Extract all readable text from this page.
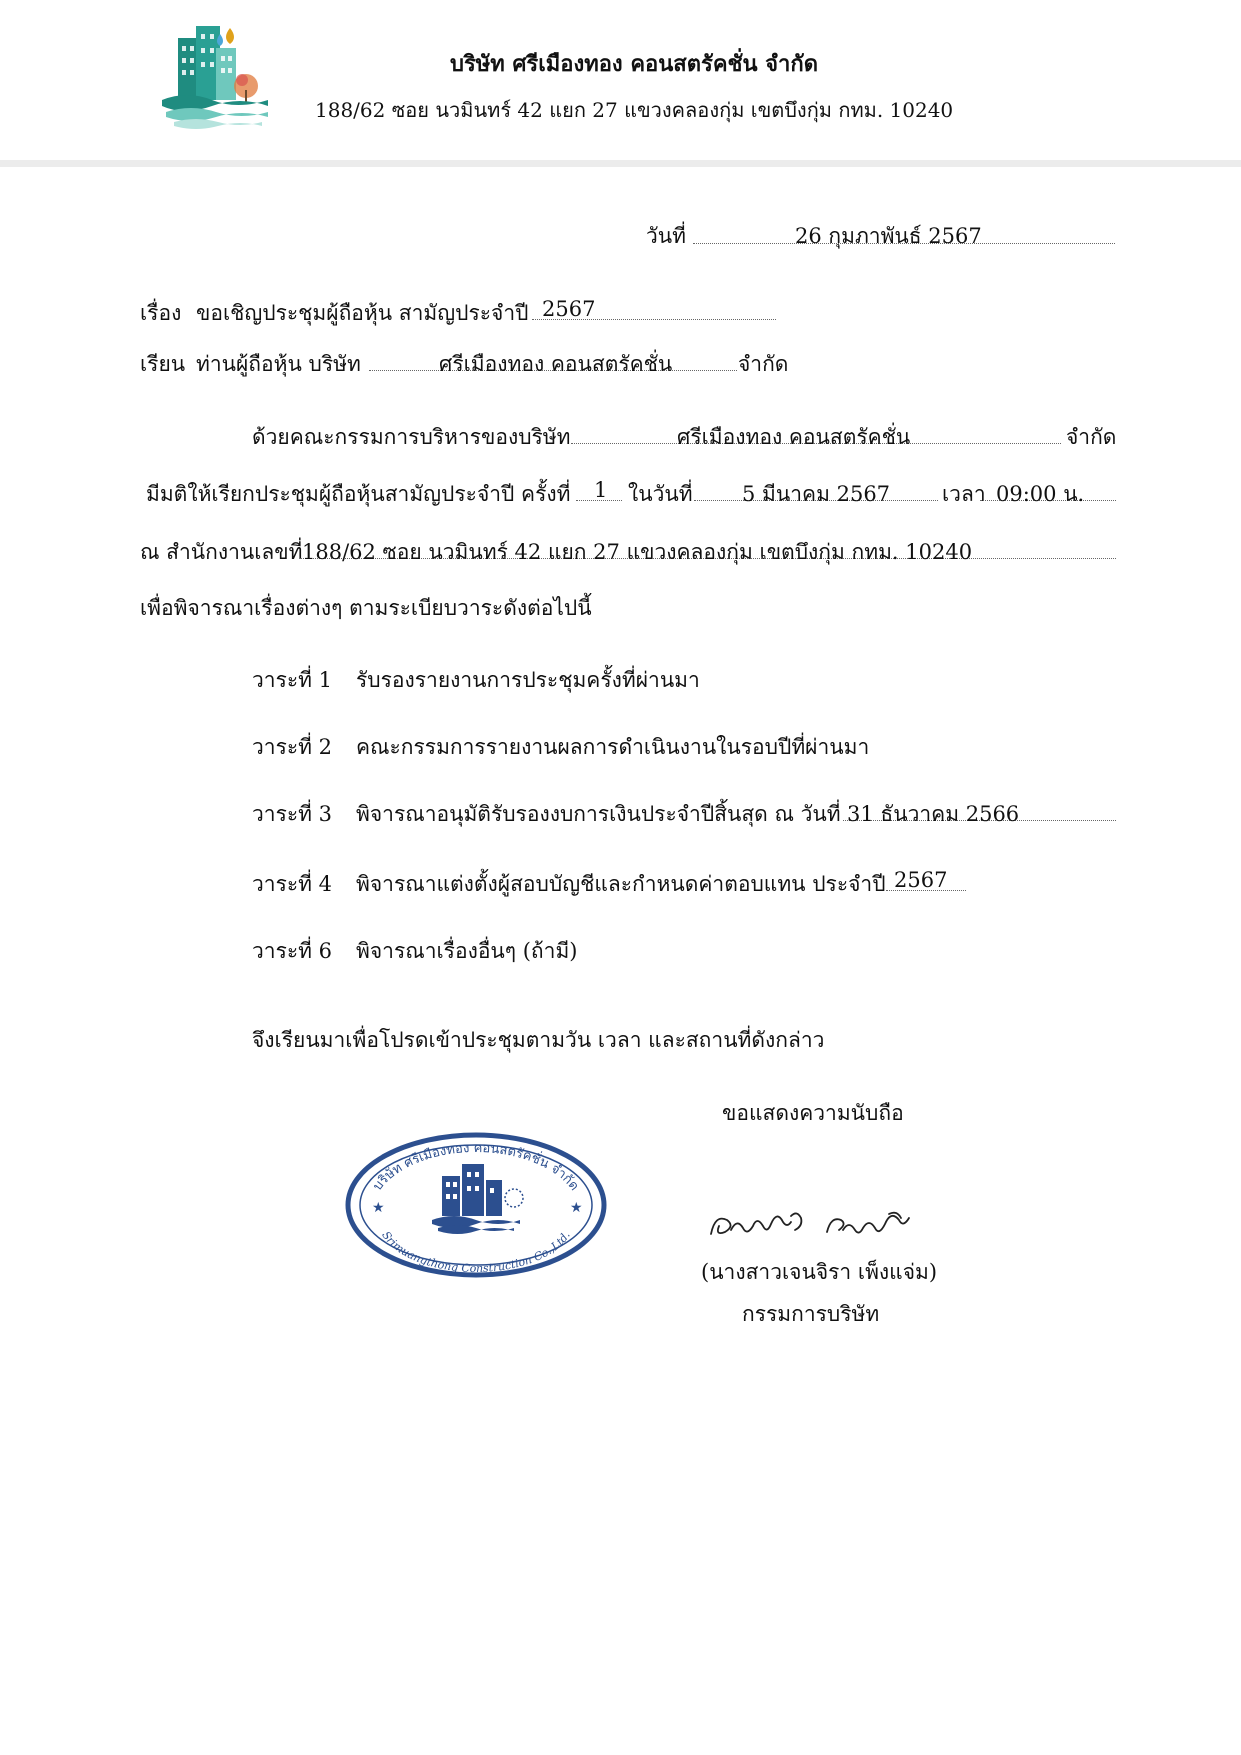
บริษัท ศรีเมืองทอง คอนสตรัคชั่น จำกัด
188/62 ซอย นวมินทร์ 42 แยก 27 แขวงคลองกุ่ม เขตบึงกุ่ม กทม. 10240
วันที่	26 กุมภาพันธ์ 2567
เรื่อง ขอเชิญประชุมผู้ถือหุ้น สามัญประจำปี 2567
เรียน ท่านผู้ถือหุ้น บริษัท	ศรีเมืองทอง คอนสตรัคชั่น	จำกัด
ด้วยคณะกรรมการบริหารของบริษัท	ศรีเมืองทอง คอนสตรัคชั่น	จำกัด
มีมติให้เรียกประชุมผู้ถือหุ้นสามัญประจำปี ครั้งที่ 1 ในวันที่ 5 มีนาคม 2567 เวลา 09:00 น.
ณ สำนักงานเลขที่ 188/62 ซอย นวมินทร์ 42 แยก 27 แขวงคลองกุ่ม เขตบึงกุ่ม กทม. 10240
เพื่อพิจารณาเรื่องต่างๆ ตามระเบียบวาระดังต่อไปนี้
วาระที่ 1 รับรองรายงานการประชุมครั้งที่ผ่านมา
วาระที่ 2 คณะกรรมการรายงานผลการดำเนินงานในรอบปีที่ผ่านมา
วาระที่ 3 พิจารณาอนุมัติรับรองงบการเงินประจำปีสิ้นสุด ณ วันที่ 31 ธันวาคม 2566
วาระที่ 4 พิจารณาแต่งตั้งผู้สอบบัญชีและกำหนดค่าตอบแทน ประจำปี 2567
วาระที่ 6 พิจารณาเรื่องอื่นๆ (ถ้ามี)
จึงเรียนมาเพื่อโปรดเข้าประชุมตามวัน เวลา และสถานที่ดังกล่าว
ขอแสดงความนับถือ
บริษัท ศรีเมืองทอง คอนสตรัคชั่น จำกัด
Srimuangthong Construction Co.,Ltd.
★	★
(นางสาวเจนจิรา เพ็งแจ่ม)
กรรมการบริษัท
